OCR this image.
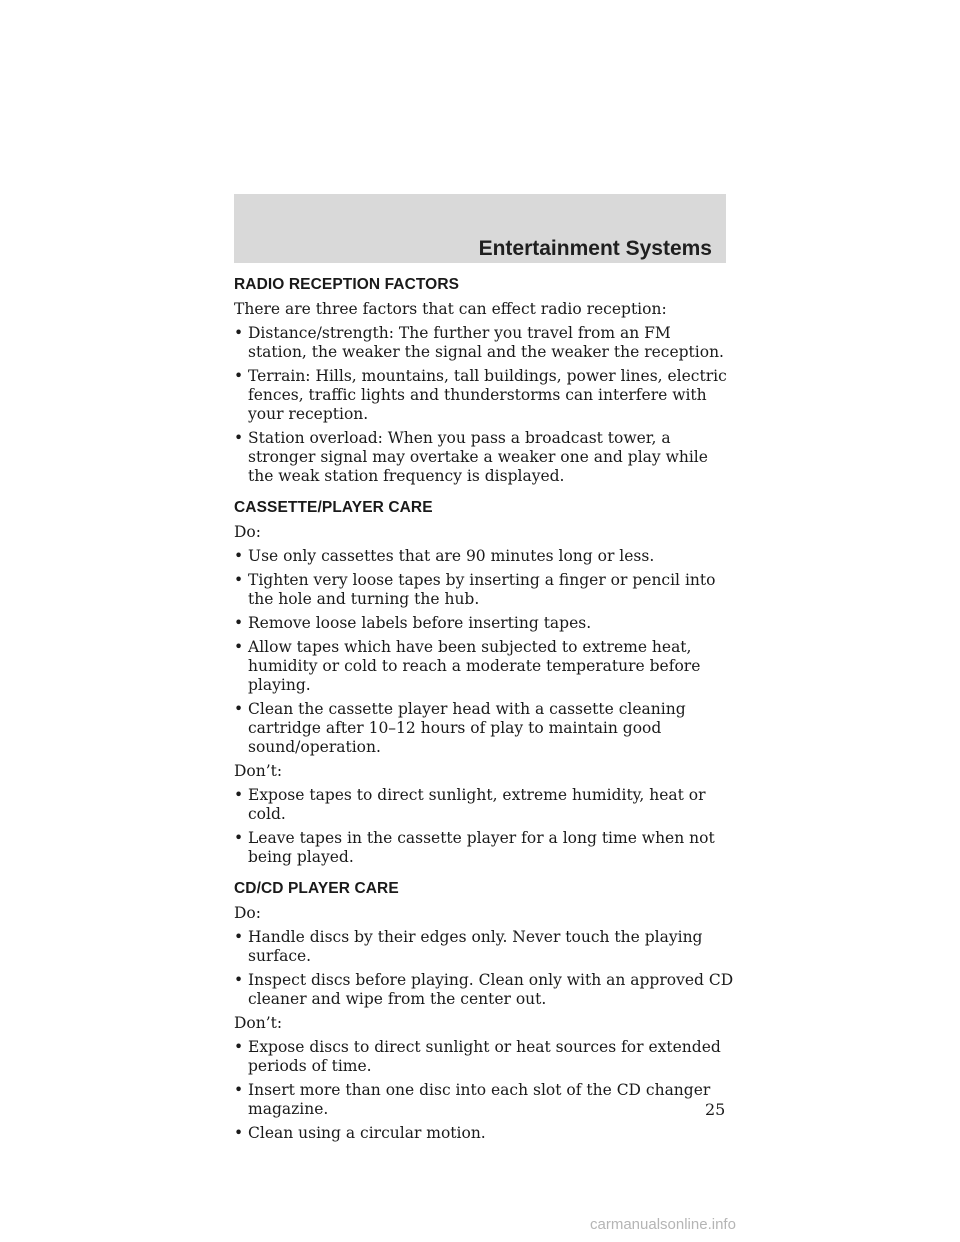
Entertainment Systems
RADIO RECEPTION FACTORS

There are three factors that can effect radio reception:

• Distance/strength: The further you travel from an FM station, the weaker the signal and the weaker the reception.
• Terrain: Hills, mountains, tall buildings, power lines, electric fences, traffic lights and thunderstorms can interfere with your reception.
• Station overload: When you pass a broadcast tower, a stronger signal may overtake a weaker one and play while the weak station frequency is displayed.
CASSETTE/PLAYER CARE

Do:

• Use only cassettes that are 90 minutes long or less.
• Tighten very loose tapes by inserting a finger or pencil into the hole and turning the hub.
• Remove loose labels before inserting tapes.
• Allow tapes which have been subjected to extreme heat, humidity or cold to reach a moderate temperature before playing.
• Clean the cassette player head with a cassette cleaning cartridge after 10–12 hours of play to maintain good sound/operation.

Don’t:

• Expose tapes to direct sunlight, extreme humidity, heat or cold.
• Leave tapes in the cassette player for a long time when not being played.
CD/CD PLAYER CARE

Do:

• Handle discs by their edges only. Never touch the playing surface.
• Inspect discs before playing. Clean only with an approved CD cleaner and wipe from the center out.

Don’t:

• Expose discs to direct sunlight or heat sources for extended periods of time.
• Insert more than one disc into each slot of the CD changer magazine.
• Clean using a circular motion.
25
carmanualsonline.info
